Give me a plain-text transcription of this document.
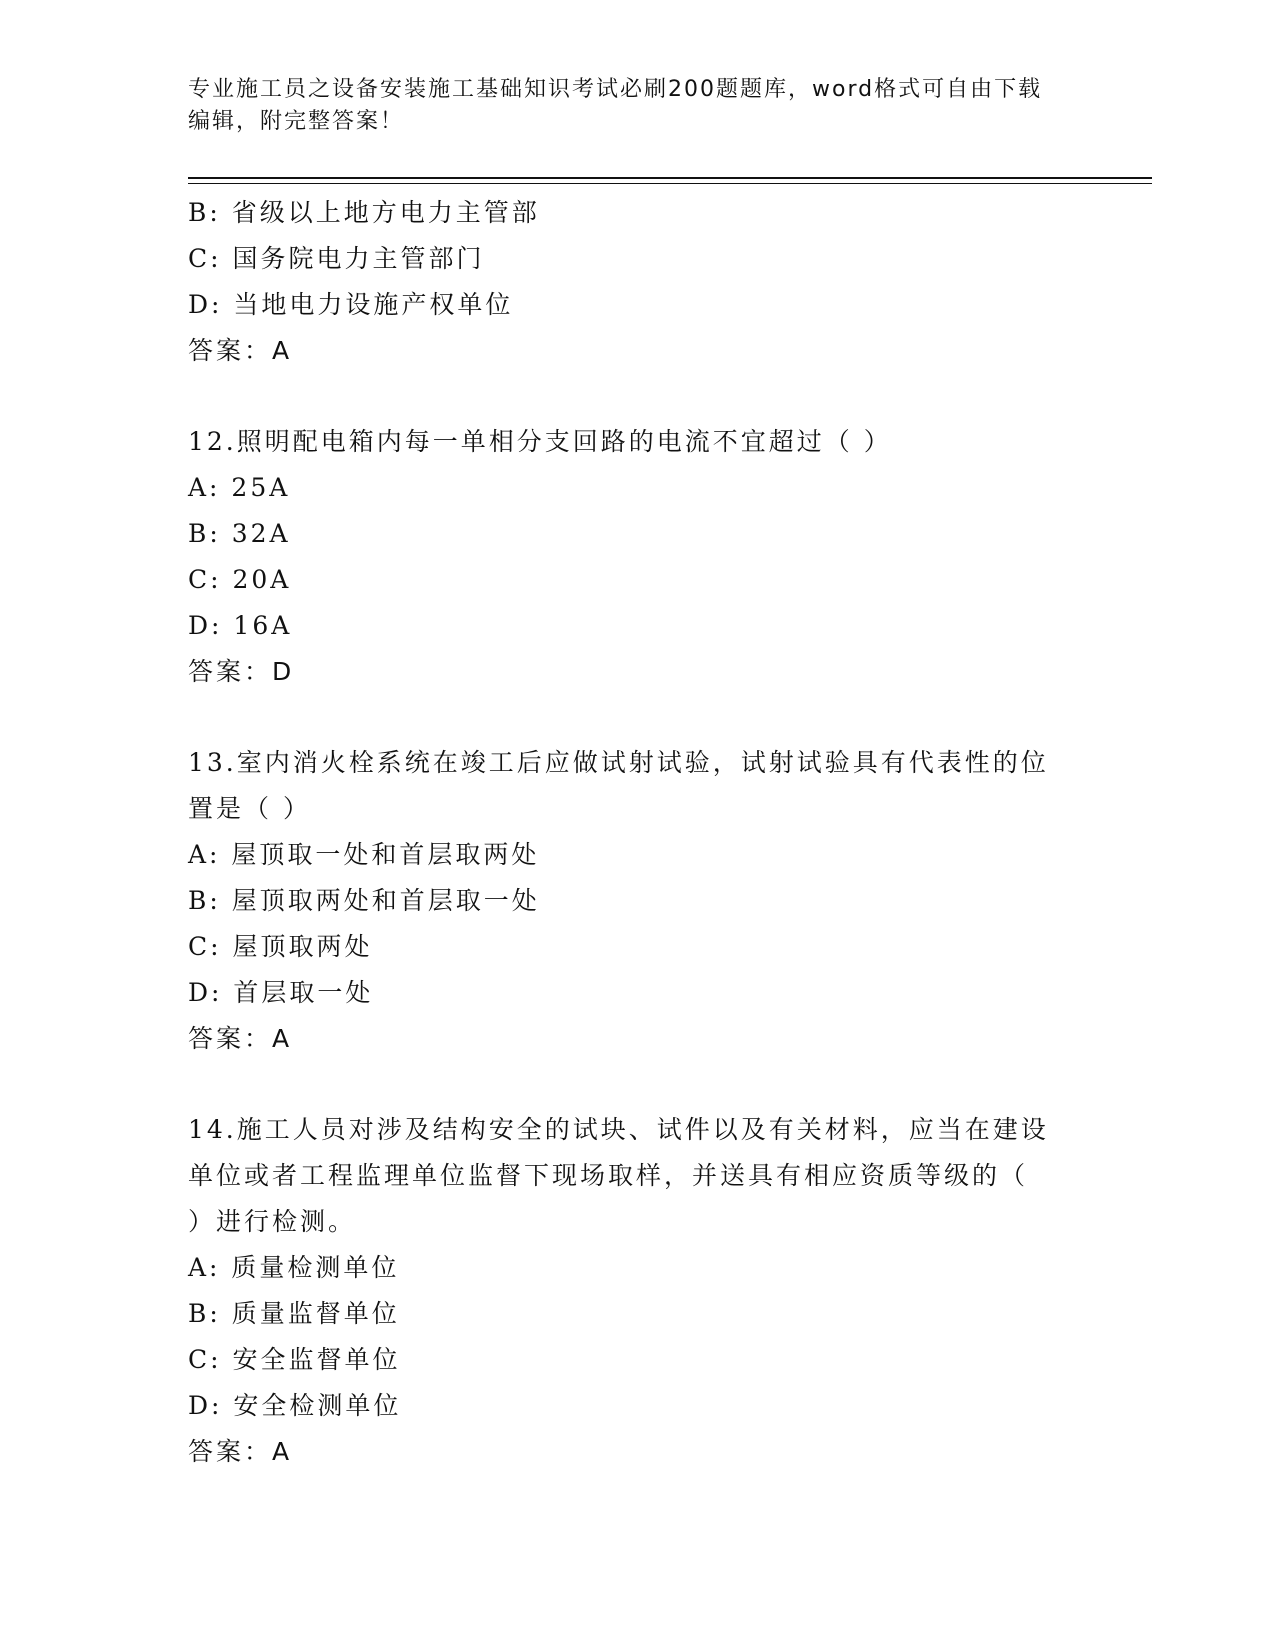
专业施工员之设备安装施工基础知识考试必刷200题题库，word格式可自由下载
编辑，附完整答案！
B: 省级以上地方电力主管部
C: 国务院电力主管部门
D: 当地电力设施产权单位
答案：A
12.照明配电箱内每一单相分支回路的电流不宜超过（ ）
A: 25A
B: 32A
C: 20A
D: 16A
答案：D
13.室内消火栓系统在竣工后应做试射试验，试射试验具有代表性的位
置是（ ）
A: 屋顶取一处和首层取两处
B: 屋顶取两处和首层取一处
C: 屋顶取两处
D: 首层取一处
答案：A
14.施工人员对涉及结构安全的试块、试件以及有关材料，应当在建设
单位或者工程监理单位监督下现场取样，并送具有相应资质等级的（
）进行检测。
A: 质量检测单位
B: 质量监督单位
C: 安全监督单位
D: 安全检测单位
答案：A
